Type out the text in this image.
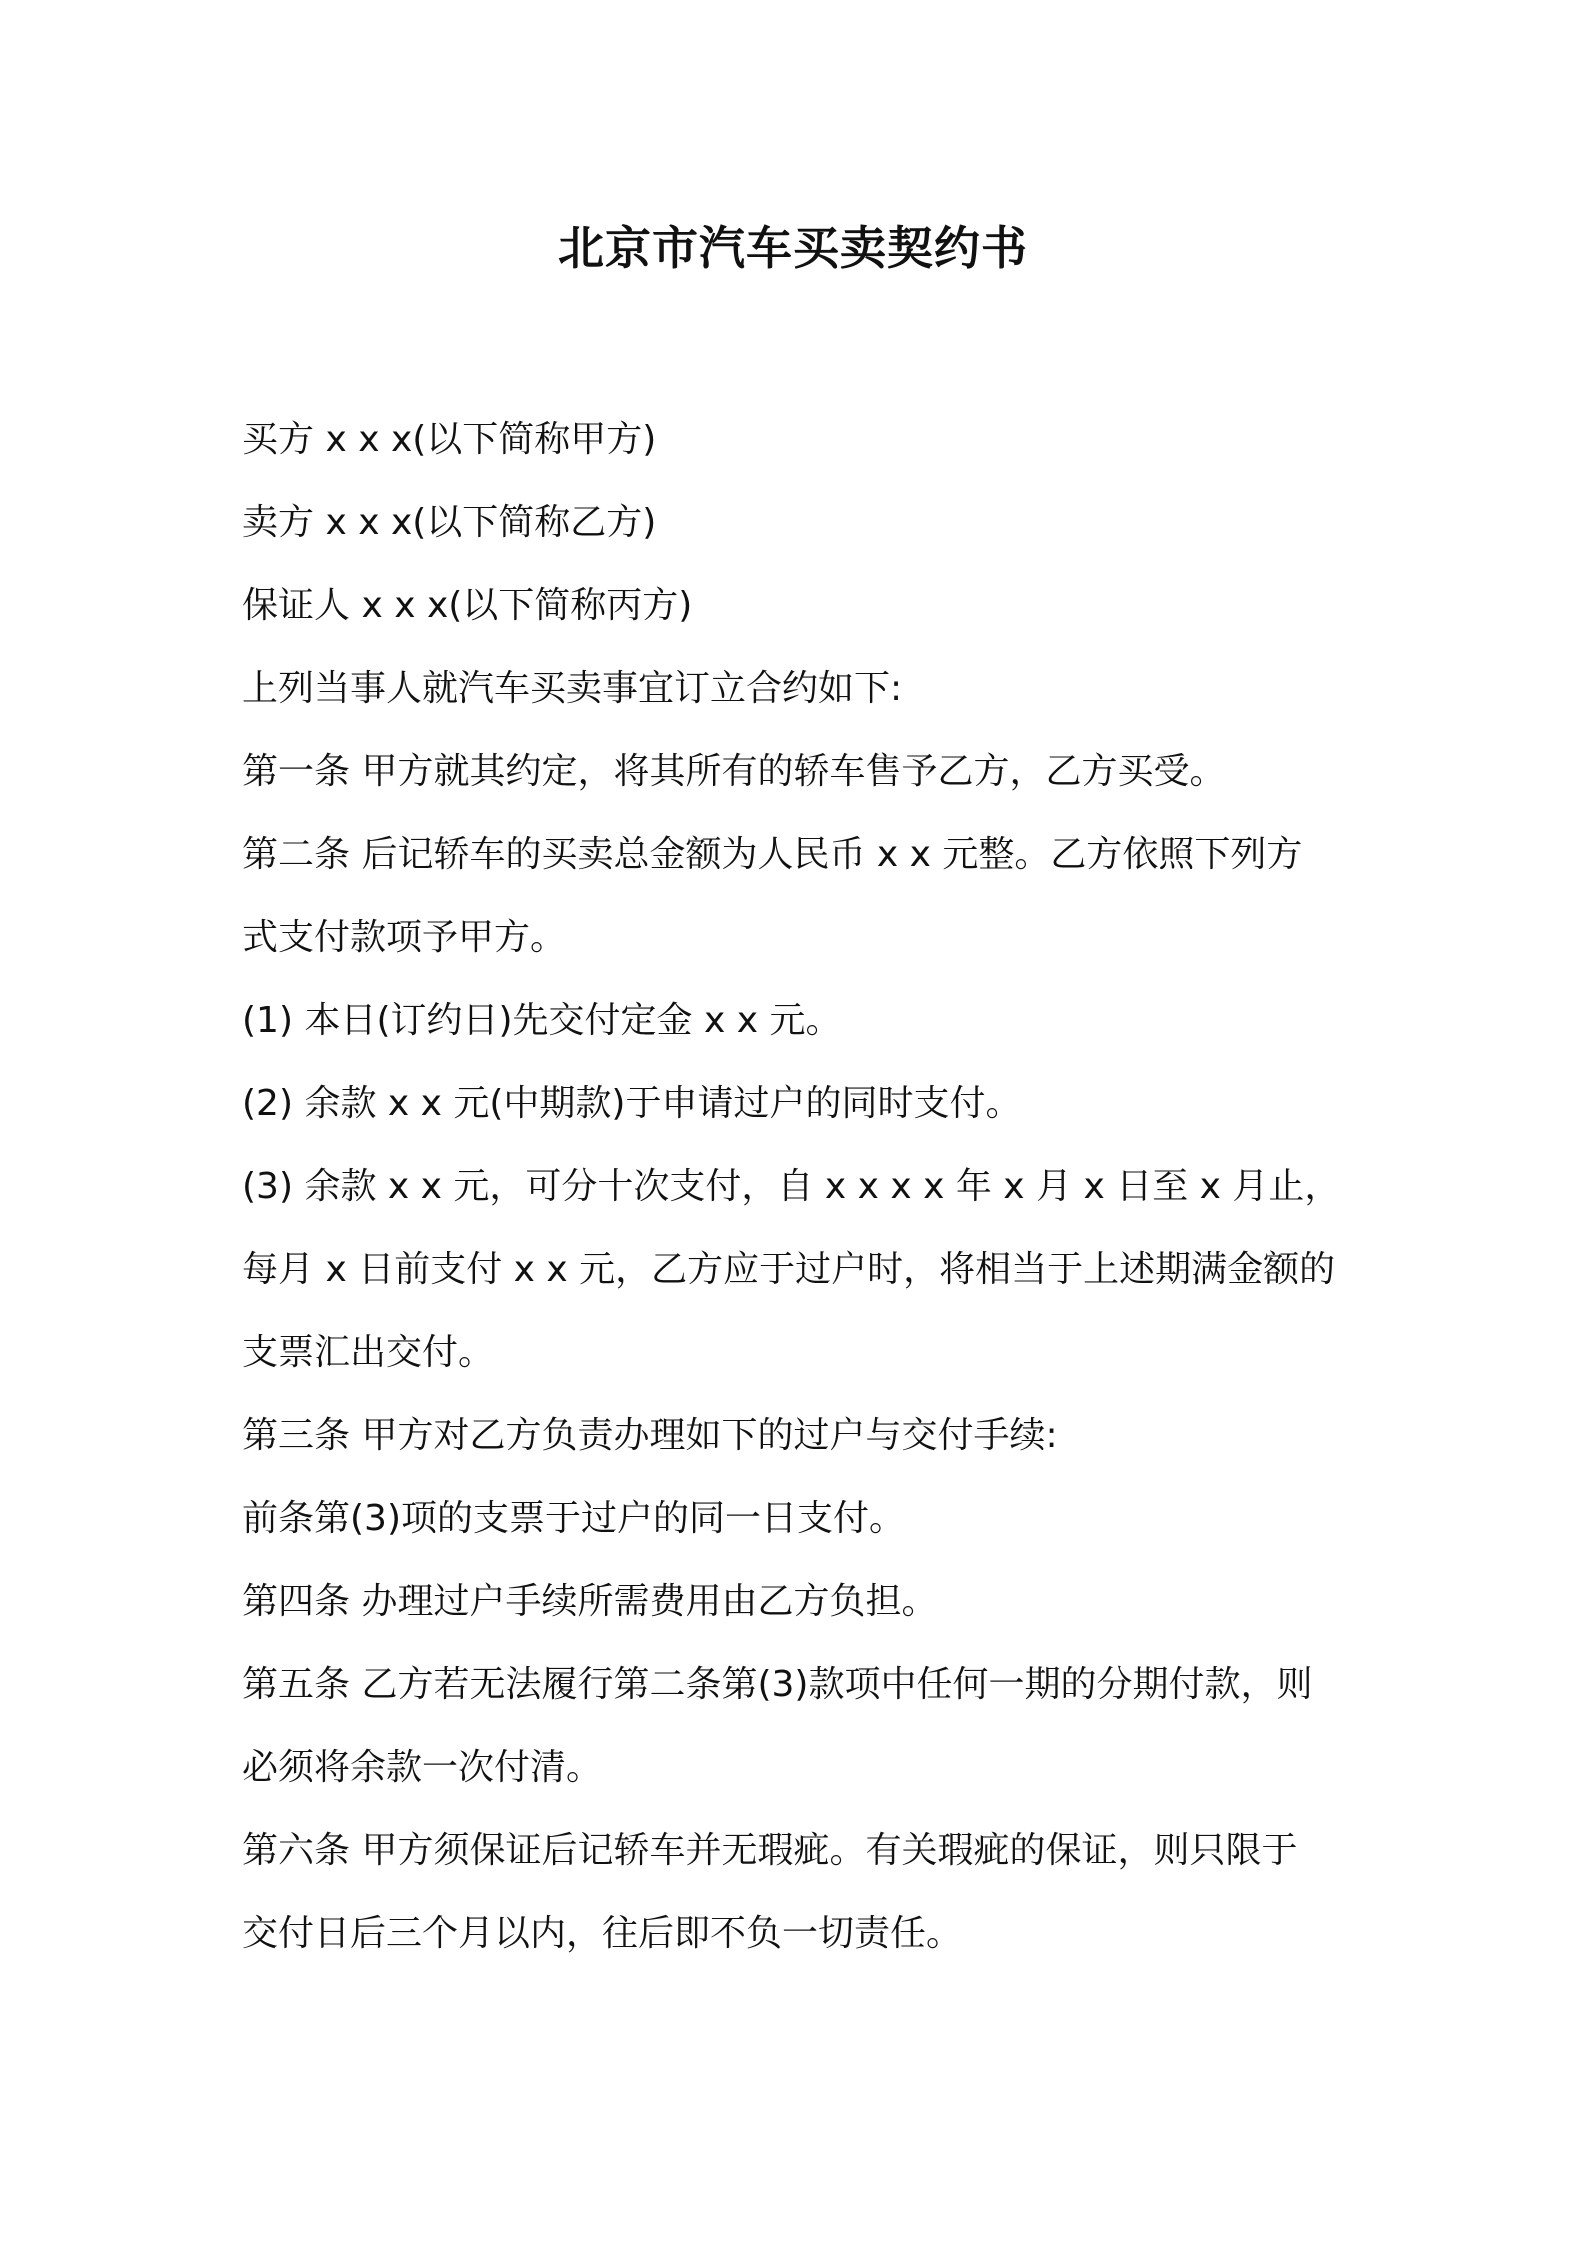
北京市汽车买卖契约书
买方 x x x(以下简称甲方)
卖方 x x x(以下简称乙方)
保证人 x x x(以下简称丙方)
上列当事人就汽车买卖事宜订立合约如下:
第一条 甲方就其约定，将其所有的轿车售予乙方，乙方买受。
第二条 后记轿车的买卖总金额为人民币 x x 元整。乙方依照下列方
式支付款项予甲方。
(1) 本日(订约日)先交付定金 x x 元。
(2) 余款 x x 元(中期款)于申请过户的同时支付。
(3) 余款 x x 元，可分十次支付，自 x x x x 年 x 月 x 日至 x 月止，
每月 x 日前支付 x x 元，乙方应于过户时，将相当于上述期满金额的
支票汇出交付。
第三条 甲方对乙方负责办理如下的过户与交付手续:
前条第(3)项的支票于过户的同一日支付。
第四条 办理过户手续所需费用由乙方负担。
第五条 乙方若无法履行第二条第(3)款项中任何一期的分期付款，则
必须将余款一次付清。
第六条 甲方须保证后记轿车并无瑕疵。有关瑕疵的保证，则只限于
交付日后三个月以内，往后即不负一切责任。
